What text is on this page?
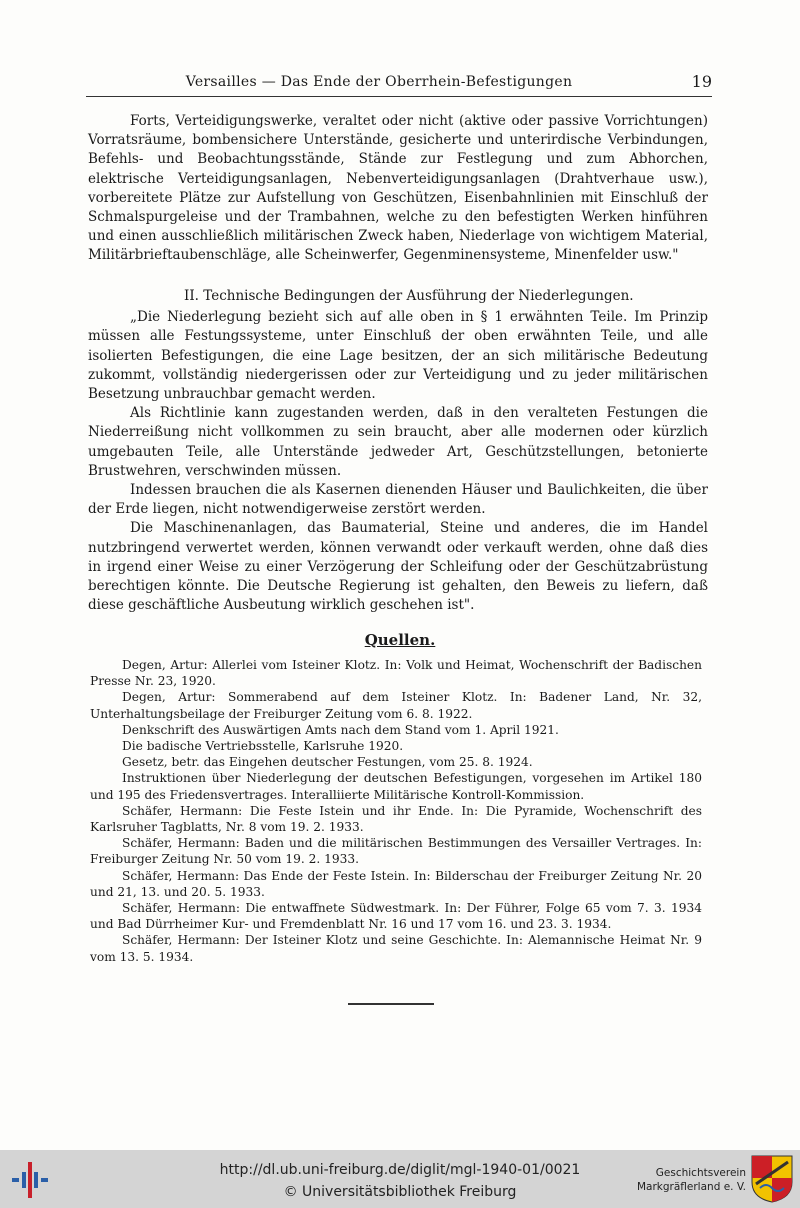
Versailles — Das Ende der Oberrhein-Befestigungen	19

Forts, Verteidigungswerke, veraltet oder nicht (aktive oder passive Vorrichtungen) Vorratsräume, bombensichere Unterstände, gesicherte und unterirdische Verbindungen, Befehls- und Beobachtungsstände, Stände zur Festlegung und zum Abhorchen, elektrische Verteidigungsanlagen, Nebenverteidigungsanlagen (Drahtverhaue usw.), vorbereitete Plätze zur Aufstellung von Geschützen, Eisenbahnlinien mit Einschluß der Schmalspurgeleise und der Trambahnen, welche zu den befestigten Werken hinführen und einen ausschließlich militärischen Zweck haben, Niederlage von wichtigem Material, Militärbrieftaubenschläge, alle Scheinwerfer, Gegenminensysteme, Minenfelder usw."

II. Technische Bedingungen der Ausführung der Niederlegungen.

„Die Niederlegung bezieht sich auf alle oben in § 1 erwähnten Teile. Im Prinzip müssen alle Festungssysteme, unter Einschluß der oben erwähnten Teile, und alle isolierten Befestigungen, die eine Lage besitzen, der an sich militärische Bedeutung zukommt, vollständig niedergerissen oder zur Verteidigung und zu jeder militärischen Besetzung unbrauchbar gemacht werden.

Als Richtlinie kann zugestanden werden, daß in den veralteten Festungen die Niederreißung nicht vollkommen zu sein braucht, aber alle modernen oder kürzlich umgebauten Teile, alle Unterstände jedweder Art, Geschützstellungen, betonierte Brustwehren, verschwinden müssen.

Indessen brauchen die als Kasernen dienenden Häuser und Baulichkeiten, die über der Erde liegen, nicht notwendigerweise zerstört werden.

Die Maschinenanlagen, das Baumaterial, Steine und anderes, die im Handel nutzbringend verwertet werden, können verwandt oder verkauft werden, ohne daß dies in irgend einer Weise zu einer Verzögerung der Schleifung oder der Geschützabrüstung berechtigen könnte. Die Deutsche Regierung ist gehalten, den Beweis zu liefern, daß diese geschäftliche Ausbeutung wirklich geschehen ist".

Quellen.

Degen, Artur: Allerlei vom Isteiner Klotz. In: Volk und Heimat, Wochenschrift der Badischen Presse Nr. 23, 1920.

Degen, Artur: Sommerabend auf dem Isteiner Klotz. In: Badener Land, Nr. 32, Unterhaltungsbeilage der Freiburger Zeitung vom 6. 8. 1922.

Denkschrift des Auswärtigen Amts nach dem Stand vom 1. April 1921.

Die badische Vertriebsstelle, Karlsruhe 1920.

Gesetz, betr. das Eingehen deutscher Festungen, vom 25. 8. 1924.

Instruktionen über Niederlegung der deutschen Befestigungen, vorgesehen im Artikel 180 und 195 des Friedensvertrages. Interalliierte Militärische Kontroll-Kommission.

Schäfer, Hermann: Die Feste Istein und ihr Ende. In: Die Pyramide, Wochenschrift des Karlsruher Tagblatts, Nr. 8 vom 19. 2. 1933.

Schäfer, Hermann: Baden und die militärischen Bestimmungen des Versailler Vertrages. In: Freiburger Zeitung Nr. 50 vom 19. 2. 1933.

Schäfer, Hermann: Das Ende der Feste Istein. In: Bilderschau der Freiburger Zeitung Nr. 20 und 21, 13. und 20. 5. 1933.

Schäfer, Hermann: Die entwaffnete Südwestmark. In: Der Führer, Folge 65 vom 7. 3. 1934 und Bad Dürrheimer Kur- und Fremdenblatt Nr. 16 und 17 vom 16. und 23. 3. 1934.

Schäfer, Hermann: Der Isteiner Klotz und seine Geschichte. In: Alemannische Heimat Nr. 9 vom 13. 5. 1934.

http://dl.ub.uni-freiburg.de/diglit/mgl-1940-01/0021
© Universitätsbibliothek Freiburg
Geschichtsverein
Markgräflerland e. V.
